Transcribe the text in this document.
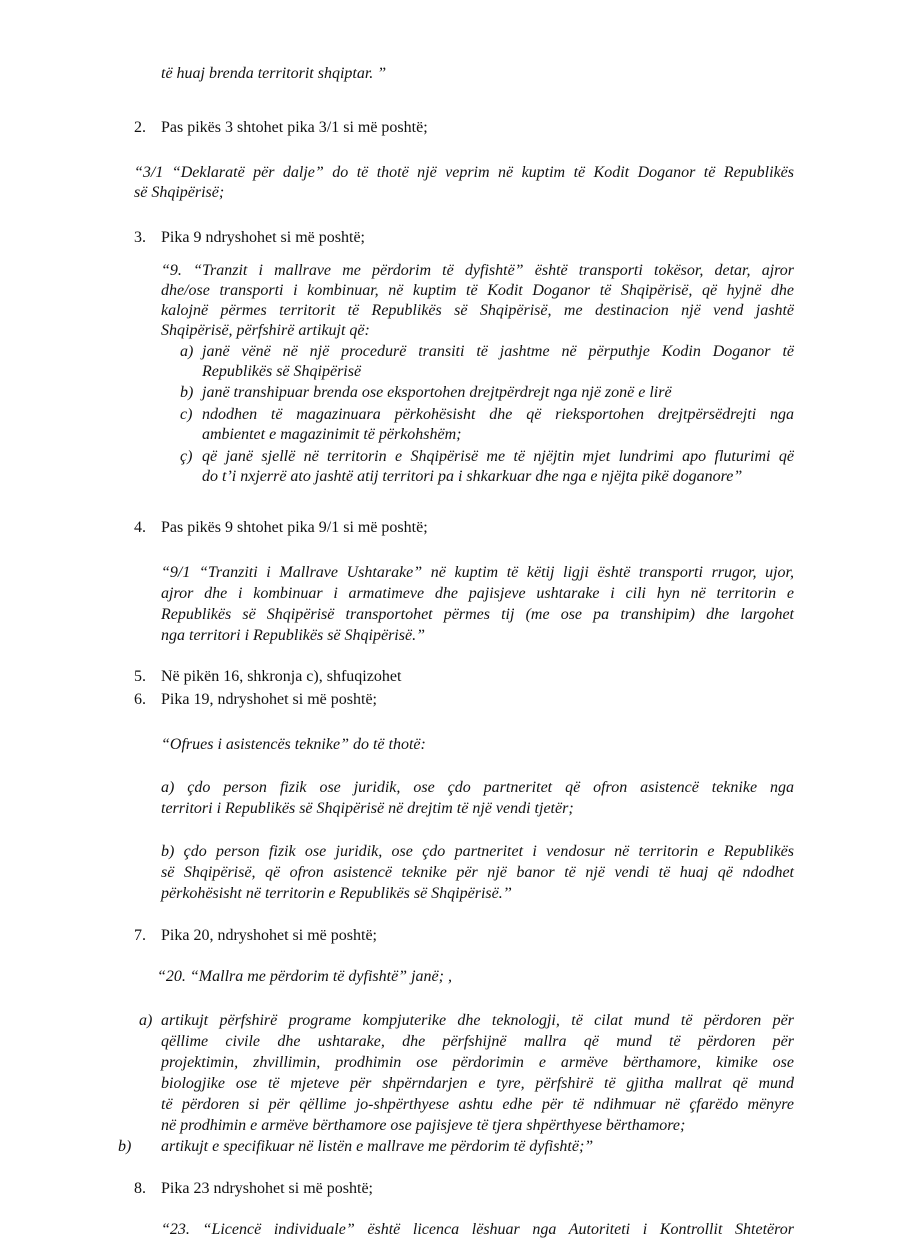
të huaj brenda territorit shqiptar. ”
2. Pas pikës 3 shtohet pika 3/1 si më poshtë;
“3/1 “Deklaratë për dalje” do të thotë një veprim në kuptim të Kodit Doganor të Republikës
së Shqipërisë;
3. Pika 9 ndryshohet si më poshtë;
“9. “Tranzit i mallrave me përdorim të dyfishtë” është transporti tokësor, detar, ajror
dhe/ose transporti i kombinuar, në kuptim të Kodit Doganor të Shqipërisë, që hyjnë dhe
kalojnë përmes territorit të Republikës së Shqipërisë, me destinacion një vend jashtë
Shqipërisë, përfshirë artikujt që:
a) janë vënë në një procedurë transiti të jashtme në përputhje Kodin Doganor të
Republikës së Shqipërisë
b) janë transhipuar brenda ose eksportohen drejtpërdrejt nga një zonë e lirë
c) ndodhen të magazinuara përkohësisht dhe që rieksportohen drejtpërsëdrejti nga
ambientet e magazinimit të përkohshëm;
ç) që janë sjellë në territorin e Shqipërisë me të njëjtin mjet lundrimi apo fluturimi që
do t’i nxjerrë ato jashtë atij territori pa i shkarkuar dhe nga e njëjta pikë doganore”
4. Pas pikës 9 shtohet pika 9/1 si më poshtë;
“9/1 “Tranziti i Mallrave Ushtarake” në kuptim të këtij ligji është transporti rrugor, ujor,
ajror dhe i kombinuar i armatimeve dhe pajisjeve ushtarake i cili hyn në territorin e
Republikës së Shqipërisë transportohet përmes tij (me ose pa transhipim) dhe largohet
nga territori i Republikës së Shqipërisë.”
5. Në pikën 16, shkronja c), shfuqizohet
6. Pika 19, ndryshohet si më poshtë;
“Ofrues i asistencës teknike” do të thotë:
a) çdo person fizik ose juridik, ose çdo partneritet që ofron asistencë teknike nga
territori i Republikës së Shqipërisë në drejtim të një vendi tjetër;
b) çdo person fizik ose juridik, ose çdo partneritet i vendosur në territorin e Republikës
së Shqipërisë, që ofron asistencë teknike për një banor të një vendi të huaj që ndodhet
përkohësisht në territorin e Republikës së Shqipërisë.’’
7. Pika 20, ndryshohet si më poshtë;
“20. “Mallra me përdorim të dyfishtë” janë; ,
a) artikujt përfshirë programe kompjuterike dhe teknologji, të cilat mund të përdoren për
qëllime civile dhe ushtarake, dhe përfshijnë mallra që mund të përdoren për
projektimin, zhvillimin, prodhimin ose përdorimin e armëve bërthamore, kimike ose
biologjike ose të mjeteve për shpërndarjen e tyre, përfshirë të gjitha mallrat që mund
të përdoren si për qëllime jo-shpërthyese ashtu edhe për të ndihmuar në çfarëdo mënyre
në prodhimin e armëve bërthamore ose pajisjeve të tjera shpërthyese bërthamore;
b) artikujt e specifikuar në listën e mallrave me përdorim të dyfishtë;”
8. Pika 23 ndryshohet si më poshtë;
“23. “Licencë individuale” është licenca lëshuar nga Autoriteti i Kontrollit Shtetëror
